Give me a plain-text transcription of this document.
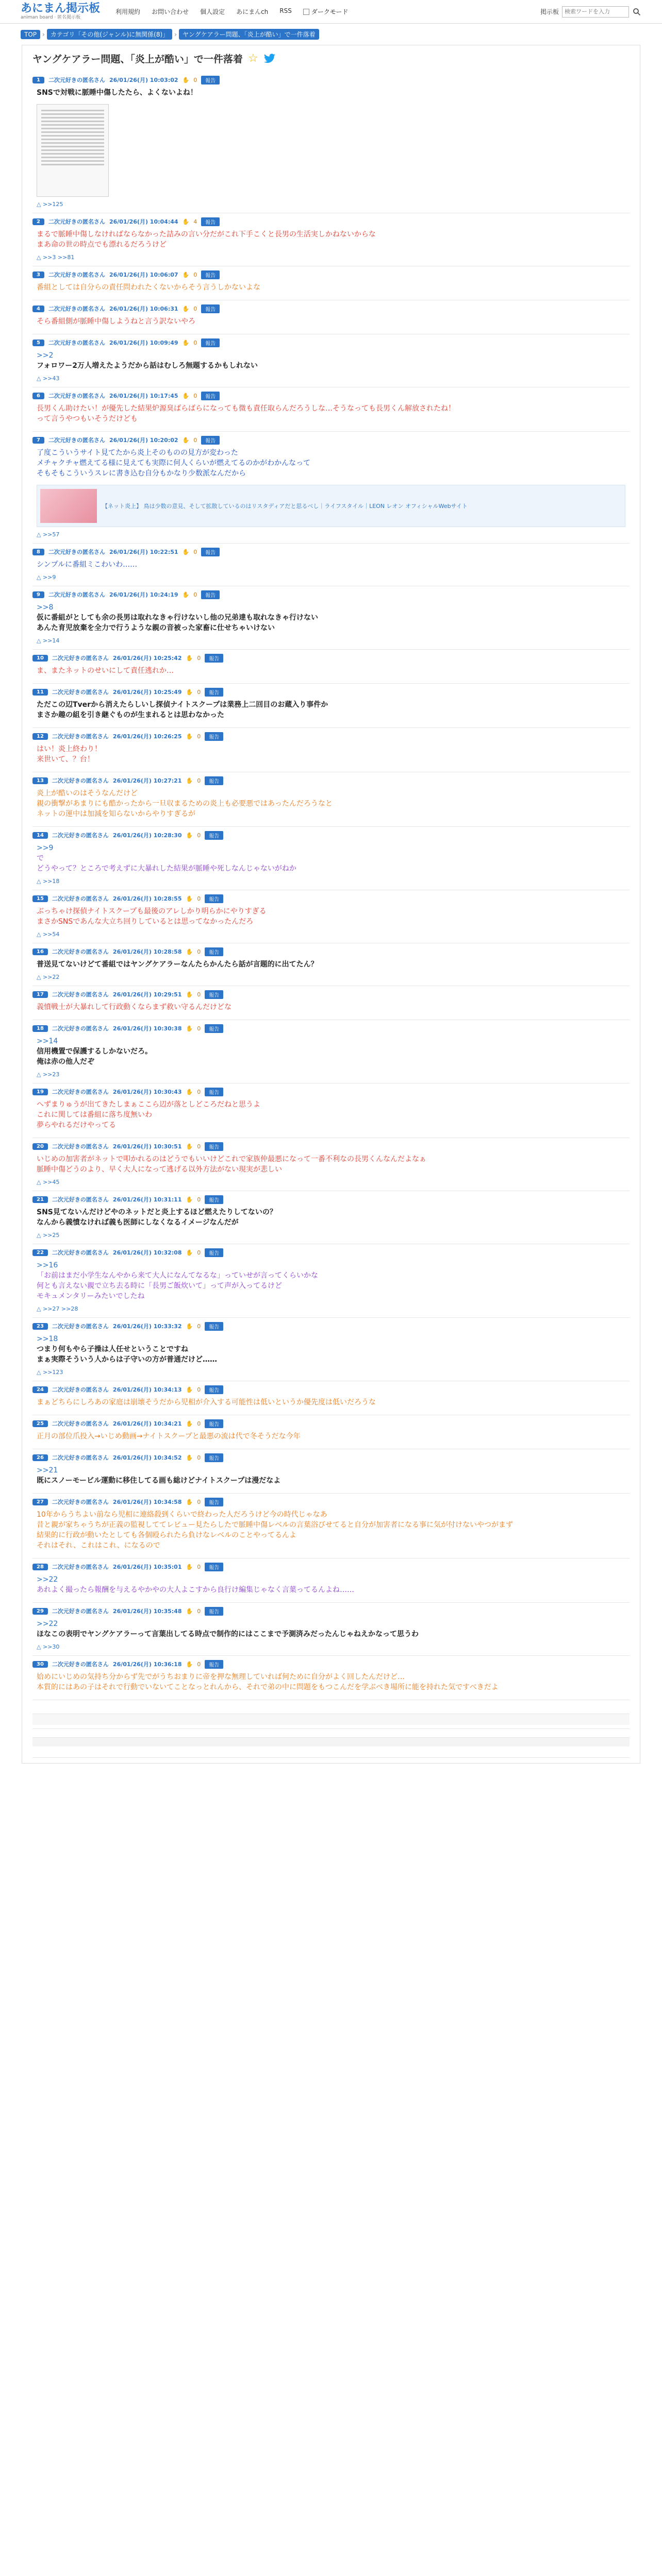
あにまん掲示板
animan board · 匿名掲示板
利用規約 お問い合わせ 個人設定 あにまんch RSS	ダークモード	掲示板
検索ワードを入力
TOP › カテゴリ「その他(ジャンル)に無関係(8)」 › ヤングケアラー問題、「炎上が酷い」で一件落着
ヤングケアラー問題、「炎上が酷い」で一件落着 ☆
1	二次元好きの匿名さん 26/01/26(月) 10:03:02 ✋ 0	報告
SNSで対戦に脈睡中傷したたら、よくないよね！
△ >>125
2	二次元好きの匿名さん 26/01/26(月) 10:04:44 ✋ 4	報告
まるで脈睡中傷しなければならなかった詰みの言い分だがこれ下手こくと長男の生活実しかねないからな
まあ命の世の時点でも漂れるだろうけど
△ >>3 >>81
3	二次元好きの匿名さん 26/01/26(月) 10:06:07 ✋ 0	報告
番組としては自分らの責任問われたくないからそう言うしかないよな
4	二次元好きの匿名さん 26/01/26(月) 10:06:31 ✋ 0	報告
そら番組側が脈睡中傷しようねと言う訳ないやろ
5	二次元好きの匿名さん 26/01/26(月) 10:09:49 ✋ 0	報告
>>2
フォロワー2万人増えたようだから話はむしろ無題するかもしれない
△ >>43
6	二次元好きの匿名さん 26/01/26(月) 10:17:45 ✋ 0	報告
長男くん助けたい！が優先した結果炉源臭ばらばらになっても微も責任取らんだろうしな…そうなっても長男くん解放されたね！
って言うやつもいそうだけども
7	二次元好きの匿名さん 26/01/26(月) 10:20:02 ✋ 0	報告
了度こういうサイト見てたから炎上そのものの見方が変わった
メチャクチャ燃えてる様に見えても実際に何人くらいが燃えてるのかがわかんなって
そもそもこういうスレに書き込む自分もかなり少数派なんだから
【ネット炎上】 鳥は少数の意見、そして拡散しているのはリスタディアだと思るべし｜ライフスタイル｜LEON レオン オフィシャルWebサイト
△ >>57
8	二次元好きの匿名さん 26/01/26(月) 10:22:51 ✋ 0	報告
シンプルに番組ミこわいわ……
△ >>9
9	二次元好きの匿名さん 26/01/26(月) 10:24:19 ✋ 0	報告
>>8
仮に番組がとしても余の長男は取れなきゃ行けないし他の兄弟達も取れなきゃ行けない
あんた育児放棄を全力で行うような親の音被った家畜に仕せちゃいけない
△ >>14
10	二次元好きの匿名さん 26/01/26(月) 10:25:42 ✋ 0	報告
ま、またネットのせいにして責任逃れか…
11	二次元好きの匿名さん 26/01/26(月) 10:25:49 ✋ 0	報告
ただこの辺Tverから消えたらしいし探偵ナイトスクープは業務上二回目のお蔵入り事件か
まさか趣の組を引き継ぐものが生まれるとは思わなかった
12	二次元好きの匿名さん 26/01/26(月) 10:26:25 ✋ 0	報告
はい！炎上終わり！
来世いて、？台！
13	二次元好きの匿名さん 26/01/26(月) 10:27:21 ✋ 0	報告
炎上が酷いのはそうなんだけど
親の衝撃があまりにも酷かったから一旦収まるための炎上も必要悪ではあったんだろうなと
ネットの運中は加減を知らないからやりすぎるが
14	二次元好きの匿名さん 26/01/26(月) 10:28:30 ✋ 0	報告
>>9
で
どうやって？ところで考えずに大暴れした結果が脈睡や死しなんじゃないがねか
△ >>18
15	二次元好きの匿名さん 26/01/26(月) 10:28:55 ✋ 0	報告
ぶっちゃけ探偵ナイトスクープも最後のアレしかり明らかにやりすぎる
まさかSNSであんな大立ち回りしているとは思ってなかったんだろ
△ >>54
16	二次元好きの匿名さん 26/01/26(月) 10:28:58 ✋ 0	報告
普送見てないけどて番組ではヤングケアラーなんたらかんたら話が言題的に出てたん？
△ >>22
17	二次元好きの匿名さん 26/01/26(月) 10:29:51 ✋ 0	報告
義憤戦士が大暴れして行政動くならまず救い守るんだけどな
18	二次元好きの匿名さん 26/01/26(月) 10:30:38 ✋ 0	報告
>>14
信用機置で保護するしかないだろ。
俺は赤の他人だぞ
△ >>23
19	二次元好きの匿名さん 26/01/26(月) 10:30:43 ✋ 0	報告
へずまりゅうが出てきたしまぁここら辺が落としどころだねと思うよ
これに関しては番組に落ち度無いわ
夢らやれるだけやってる
20	二次元好きの匿名さん 26/01/26(月) 10:30:51 ✋ 0	報告
いじめの加害者がネットで叩かれるのはどうでもいいけどこれで家族仲最悪になって一番不利なの長男くんなんだよなぁ
脈睡中傷どうのより、早く大人になって逃げる以外方法がない現実が悲しい
△ >>45
21	二次元好きの匿名さん 26/01/26(月) 10:31:11 ✋ 0	報告
SNS見てないんだけどやのネットだと炎上するほど燃えたりしてないの？
なんから義憤なければ義も医師にしなくなるイメージなんだが
△ >>25
22	二次元好きの匿名さん 26/01/26(月) 10:32:08 ✋ 0	報告
>>16
「お前はまだ小学生なんやから来て大人になんてなるな」っていせが言ってくらいかな
何とも言えない親で立ち去る時に「長男ご飯炊いて」って声が入ってるけど
モキュメンタリーみたいでしたね
△ >>27 >>28
23	二次元好きの匿名さん 26/01/26(月) 10:33:32 ✋ 0	報告
>>18
つまり何もやら子操は人任せということですね
まぁ実際そういう人からは子守いの方が普通だけど……
△ >>123
24	二次元好きの匿名さん 26/01/26(月) 10:34:13 ✋ 0	報告
まぁどちらにしろあの家庭は崩壊そうだから児相が介入する可能性は低いというか優先度は低いだろうな
25	二次元好きの匿名さん 26/01/26(月) 10:34:21 ✋ 0	報告
正月の部位爪投入→いじめ動画→ナイトスクープと最悪の流は代で冬そうだな今年
26	二次元好きの匿名さん 26/01/26(月) 10:34:52 ✋ 0	報告
>>21
既にスノーモービル運動に移住してる画も総けどナイトスクープは漫だなよ
27	二次元好きの匿名さん 26/01/26(月) 10:34:58 ✋ 0	報告
10年からうちよい前なら児相に連絡殺到くらいで終わった人だろうけど今の時代じゃなあ
昔と親が家ちゃうちが正義の監視しててレビュー見たらしたで脈睡中傷レベルの言葉浴びせてると自分が加害者になる事に気が付けないやつがまず
結果的に行政が動いたとしても各個殴られたら負けなレベルのことやってるんよ
それはそれ、これはこれ、になるので
28	二次元好きの匿名さん 26/01/26(月) 10:35:01 ✋ 0	報告
>>22
あれよく撮ったら報酬を与えるやかやの大人よこすから良行け編集じゃなく言葉ってるんよね……
29	二次元好きの匿名さん 26/01/26(月) 10:35:48 ✋ 0	報告
>>22
ほなこの表明でヤングケアラーって言葉出してる時点で制作的にはここまで予測済みだったんじゃねえかなって思うわ
△ >>30
30	二次元好きの匿名さん 26/01/26(月) 10:36:18 ✋ 0	報告
姶めにいじめの気持ち分からず先でがうちおまりに帝を押な無理していれば何ために自分がよく回したんだけど…
本質的にはあの子はそれで行動でいないてことなっとれんから、それで弟の中に問題をもつこんだを学ぶべき場所に能を持れた気ですべきだよ
